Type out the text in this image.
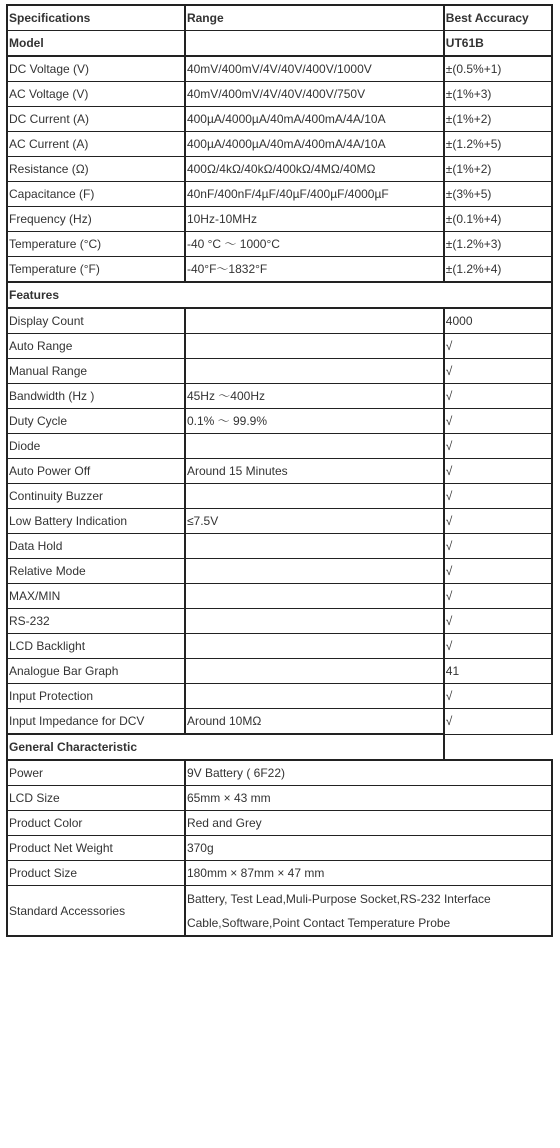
Specifications	Range	Best Accuracy
Model		UT61B
DC Voltage (V)	40mV/400mV/4V/40V/400V/1000V	±(0.5%+1)
AC Voltage (V)	40mV/400mV/4V/40V/400V/750V	±(1%+3)
DC Current (A)	400µA/4000µA/40mA/400mA/4A/10A	±(1%+2)
AC Current (A)	400µA/4000µA/40mA/400mA/4A/10A	±(1.2%+5)
Resistance (Ω)	400Ω/4kΩ/40kΩ/400kΩ/4MΩ/40MΩ	±(1%+2)
Capacitance (F)	40nF/400nF/4µF/40µF/400µF/4000µF	±(3%+5)
Frequency (Hz)	10Hz-10MHz	±(0.1%+4)
Temperature (°C)	-40 °C ～ 1000°C	±(1.2%+3)
Temperature (°F)	-40°F～1832°F	±(1.2%+4)
Features		
Display Count		4000
Auto Range		√
Manual Range		√
Bandwidth (Hz )	45Hz ～400Hz	√
Duty Cycle	0.1% ～ 99.9%	√
Diode		√
Auto Power Off	Around 15 Minutes	√
Continuity Buzzer		√
Low Battery Indication	≤7.5V	√
Data Hold		√
Relative Mode		√
MAX/MIN		√
RS-232		√
LCD Backlight		√
Analogue Bar Graph		41
Input Protection		√
Input Impedance for DCV	Around 10MΩ	√
General Characteristic		
Power	9V Battery ( 6F22)	
LCD Size	65mm × 43 mm	
Product Color	Red and Grey	
Product Net Weight	370g	
Product Size	180mm × 87mm × 47 mm	
Standard Accessories	Battery, Test Lead,Muli-Purpose Socket,RS-232 Interface Cable,Software,Point Contact Temperature Probe	
